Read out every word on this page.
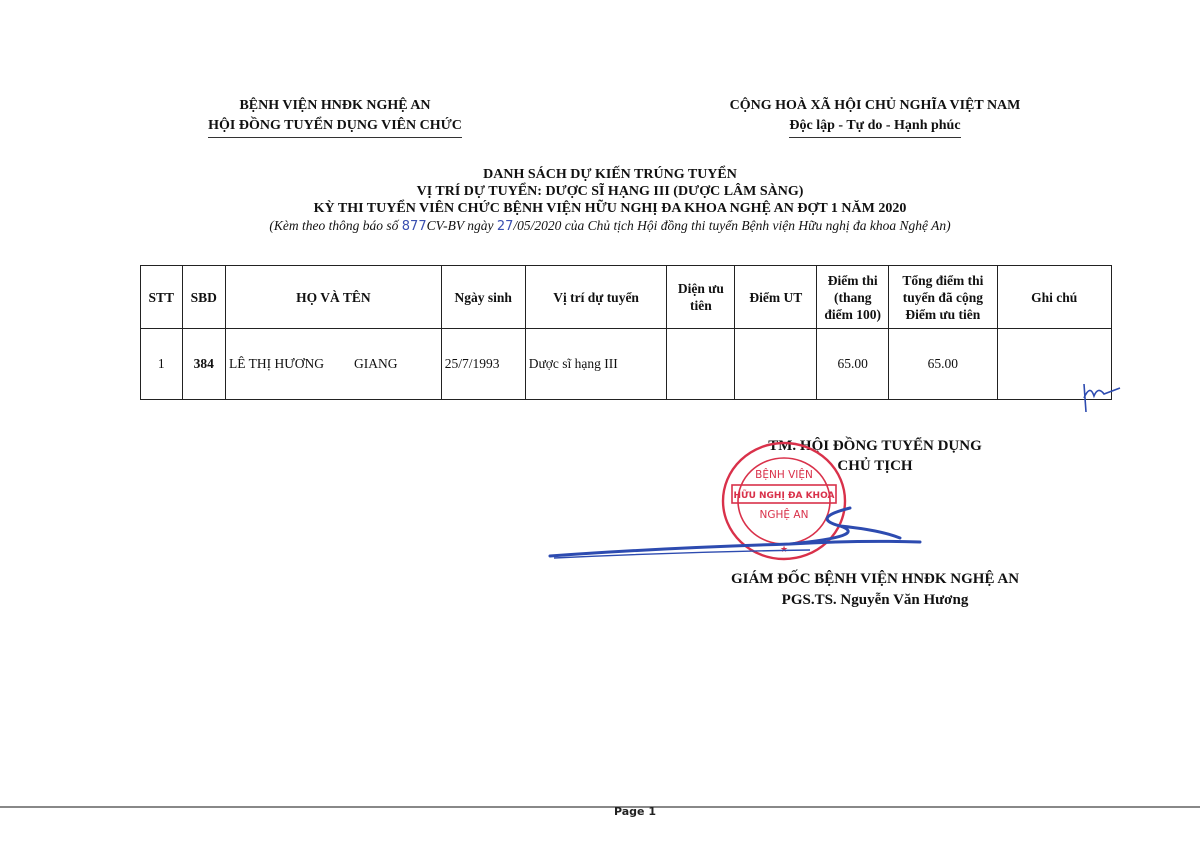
BỆNH VIỆN HNĐK NGHỆ AN
HỘI ĐỒNG TUYỂN DỤNG VIÊN CHỨC
CỘNG HOÀ XÃ HỘI CHỦ NGHĨA VIỆT NAM
Độc lập - Tự do - Hạnh phúc
DANH SÁCH DỰ KIẾN TRÚNG TUYỂN
VỊ TRÍ DỰ TUYỂN: DƯỢC SĨ HẠNG III (DƯỢC LÂM SÀNG)
KỲ THI TUYỂN VIÊN CHỨC BỆNH VIỆN HỮU NGHỊ ĐA KHOA NGHỆ AN ĐỢT 1 NĂM 2020
(Kèm theo thông báo số 877CV-BV ngày 27/05/2020 của Chủ tịch Hội đồng thi tuyển Bệnh viện Hữu nghị đa khoa Nghệ An)
STT	SBD	HỌ VÀ TÊN	Ngày sinh	Vị trí dự tuyển	Diện ưu tiên	Điểm UT	Điểm thi (thang điểm 100)	Tổng điểm thi tuyển đã cộng Điểm ưu tiên	Ghi chú
1	384	LÊ THỊ HƯƠNG GIANG	25/7/1993	Dược sĩ hạng III			65.00	65.00	
TM. HỘI ĐỒNG TUYỂN DỤNG
CHỦ TỊCH
BỆNH VIỆN
HỮU NGHỊ ĐA KHOA
NGHỆ AN
★
GIÁM ĐỐC BỆNH VIỆN HNĐK NGHỆ AN
PGS.TS. Nguyễn Văn Hương
Page 1
